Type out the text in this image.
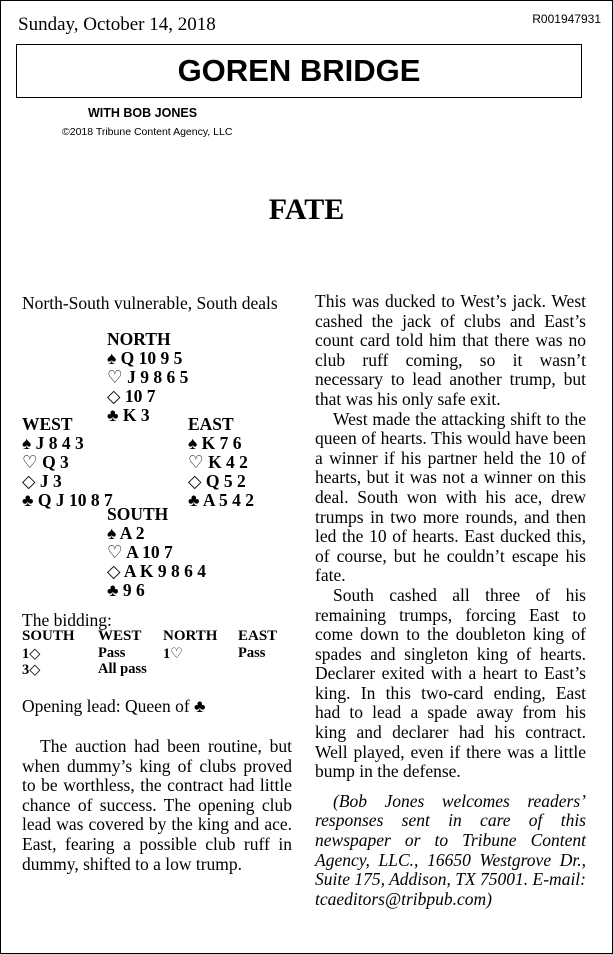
Sunday, October 14, 2018	R001947931
GOREN BRIDGE
WITH BOB JONES
©2018 Tribune Content Agency, LLC
FATE
North-South vulnerable, South deals
NORTH
♠ Q 10 9 5
♡ J 9 8 6 5
◇ 10 7
♣ K 3
WEST
♠ J 8 4 3
♡ Q 3
◇ J 3
♣ Q J 10 8 7
EAST
♠ K 7 6
♡ K 4 2
◇ Q 5 2
♣ A 5 4 2
SOUTH
♠ A 2
♡ A 10 7
◇ A K 9 8 6 4
♣ 9 6
The bidding:
SOUTH WEST NORTH EAST
1◇	Pass	1♡	Pass
3◇	All pass
Opening lead: Queen of ♣

The auction had been routine, but when dummy’s king of clubs proved to be worthless, the contract had little chance of success. The opening club lead was covered by the king and ace. East, fearing a possible club ruff in dummy, shifted to a low trump.

This was ducked to West’s jack. West cashed the jack of clubs and East’s count card told him that there was no club ruff coming, so it wasn’t necessary to lead another trump, but that was his only safe exit.

West made the attacking shift to the queen of hearts. This would have been a winner if his partner held the 10 of hearts, but it was not a winner on this deal. South won with his ace, drew trumps in two more rounds, and then led the 10 of hearts. East ducked this, of course, but he couldn’t escape his fate.

South cashed all three of his remaining trumps, forcing East to come down to the doubleton king of spades and singleton king of hearts. Declarer exited with a heart to East’s king. In this two-card ending, East had to lead a spade away from his king and declarer had his contract. Well played, even if there was a little bump in the defense.

(Bob Jones welcomes readers’ responses sent in care of this newspaper or to Tribune Content Agency, LLC., 16650 Westgrove Dr., Suite 175, Addison, TX 75001. E-mail: tcaeditors@tribpub.com)
